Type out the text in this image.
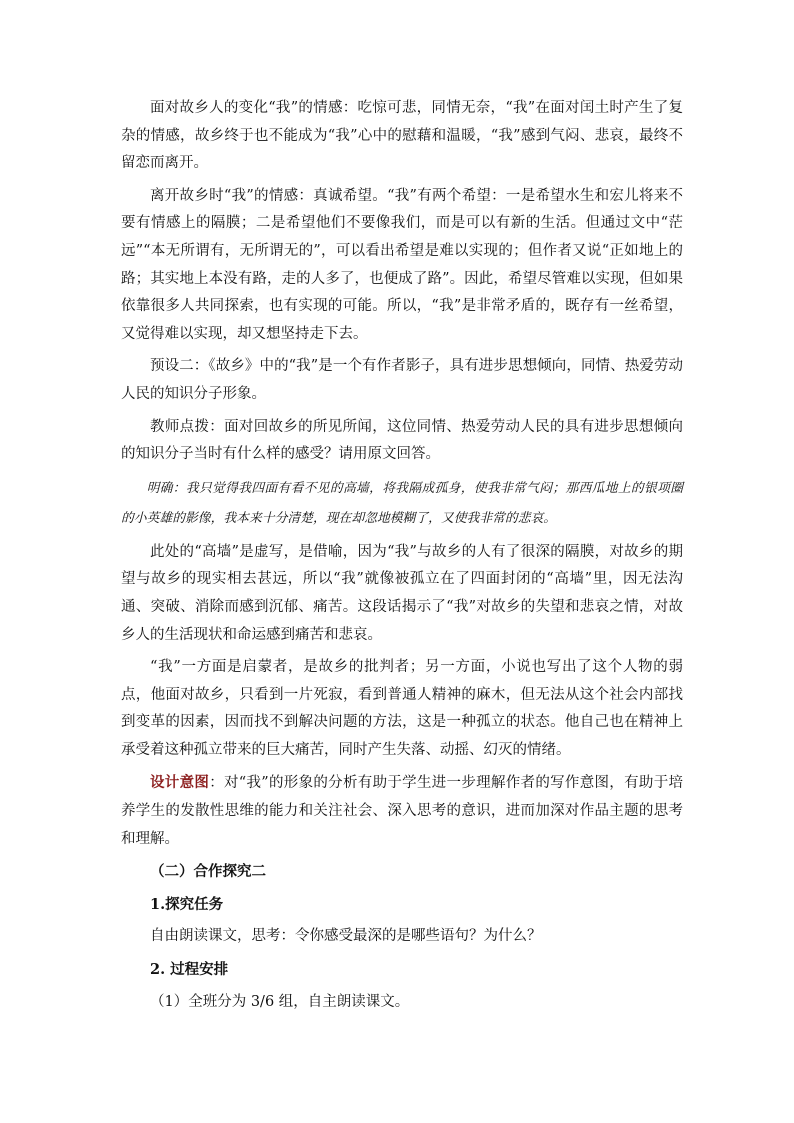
面对故乡人的变化“我”的情感：吃惊可悲，同情无奈，“我”在面对闰土时产生了复杂的情感，故乡终于也不能成为“我”心中的慰藉和温暖，“我”感到气闷、悲哀，最终不留恋而离开。

离开故乡时“我”的情感：真诚希望。“我”有两个希望：一是希望水生和宏儿将来不要有情感上的隔膜；二是希望他们不要像我们，而是可以有新的生活。但通过文中“茫远”“本无所谓有，无所谓无的”，可以看出希望是难以实现的；但作者又说“正如地上的路；其实地上本没有路，走的人多了，也便成了路”。因此，希望尽管难以实现，但如果依靠很多人共同探索，也有实现的可能。所以，“我”是非常矛盾的，既存有一丝希望，又觉得难以实现，却又想坚持走下去。

预设二：《故乡》中的“我”是一个有作者影子，具有进步思想倾向，同情、热爱劳动人民的知识分子形象。

教师点拨：面对回故乡的所见所闻，这位同情、热爱劳动人民的具有进步思想倾向的知识分子当时有什么样的感受？请用原文回答。

明确：我只觉得我四面有看不见的高墙，将我隔成孤身，使我非常气闷；那西瓜地上的银项圈的小英雄的影像，我本来十分清楚，现在却忽地模糊了，又使我非常的悲哀。

此处的“高墙”是虚写，是借喻，因为“我”与故乡的人有了很深的隔膜，对故乡的期望与故乡的现实相去甚远，所以“我”就像被孤立在了四面封闭的“高墙”里，因无法沟通、突破、消除而感到沉郁、痛苦。这段话揭示了“我”对故乡的失望和悲哀之情，对故乡人的生活现状和命运感到痛苦和悲哀。

“我”一方面是启蒙者，是故乡的批判者；另一方面，小说也写出了这个人物的弱点，他面对故乡，只看到一片死寂，看到普通人精神的麻木，但无法从这个社会内部找到变革的因素，因而找不到解决问题的方法，这是一种孤立的状态。他自己也在精神上承受着这种孤立带来的巨大痛苦，同时产生失落、动摇、幻灭的情绪。

设计意图：对“我”的形象的分析有助于学生进一步理解作者的写作意图，有助于培养学生的发散性思维的能力和关注社会、深入思考的意识，进而加深对作品主题的思考和理解。

（二）合作探究二

1.探究任务

自由朗读课文，思考：令你感受最深的是哪些语句？为什么？

2. 过程安排

（1）全班分为 3/6 组，自主朗读课文。
